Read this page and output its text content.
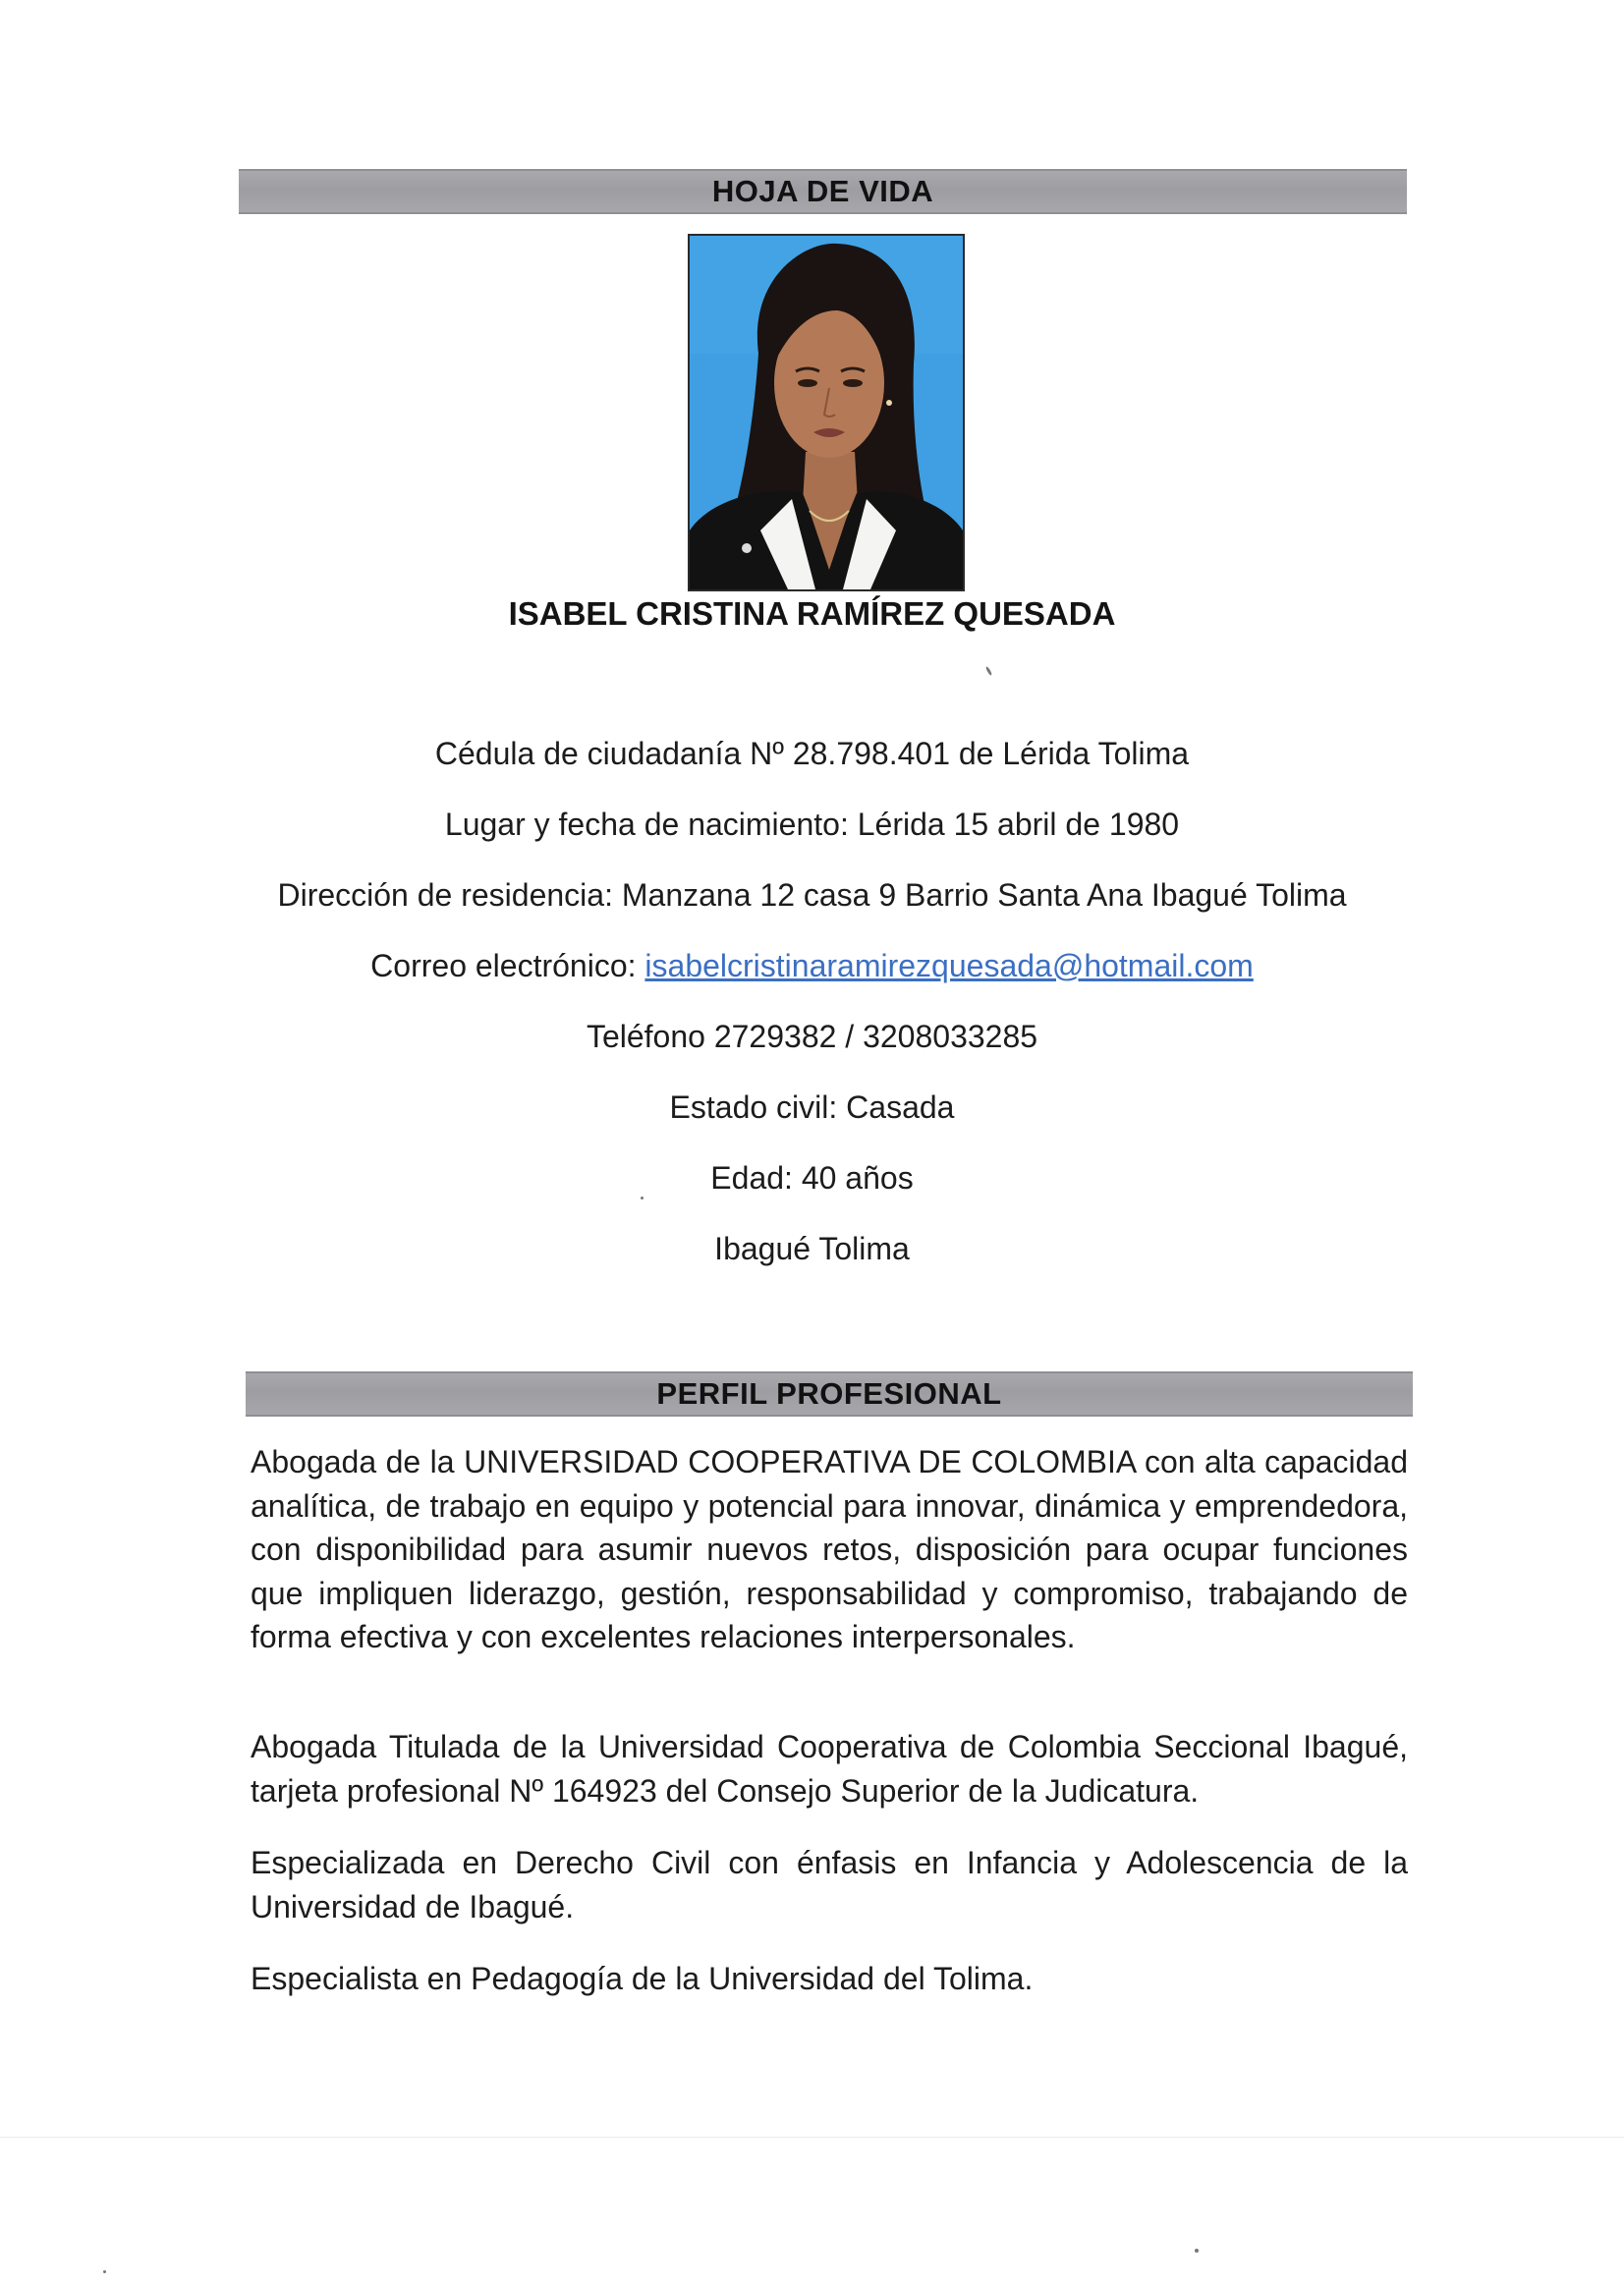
HOJA DE VIDA
ISABEL CRISTINA RAMÍREZ QUESADA
Cédula de ciudadanía Nº 28.798.401 de Lérida Tolima
Lugar y fecha de nacimiento: Lérida 15 abril de 1980
Dirección de residencia: Manzana 12 casa 9 Barrio Santa Ana Ibagué Tolima
Correo electrónico: isabelcristinaramirezquesada@hotmail.com
Teléfono 2729382 / 3208033285
Estado civil: Casada
Edad: 40 años
Ibagué Tolima
PERFIL PROFESIONAL
Abogada de la UNIVERSIDAD COOPERATIVA DE COLOMBIA con alta capacidad analítica, de trabajo en equipo y potencial para innovar, dinámica y emprendedora, con disponibilidad para asumir nuevos retos, disposición para ocupar funciones que impliquen liderazgo, gestión, responsabilidad y compromiso, trabajando de forma efectiva y con excelentes relaciones interpersonales.
Abogada Titulada de la Universidad Cooperativa de Colombia Seccional Ibagué, tarjeta profesional Nº 164923 del Consejo Superior de la Judicatura.
Especializada en Derecho Civil con énfasis en Infancia y Adolescencia de la Universidad de Ibagué.
Especialista en Pedagogía de la Universidad del Tolima.
